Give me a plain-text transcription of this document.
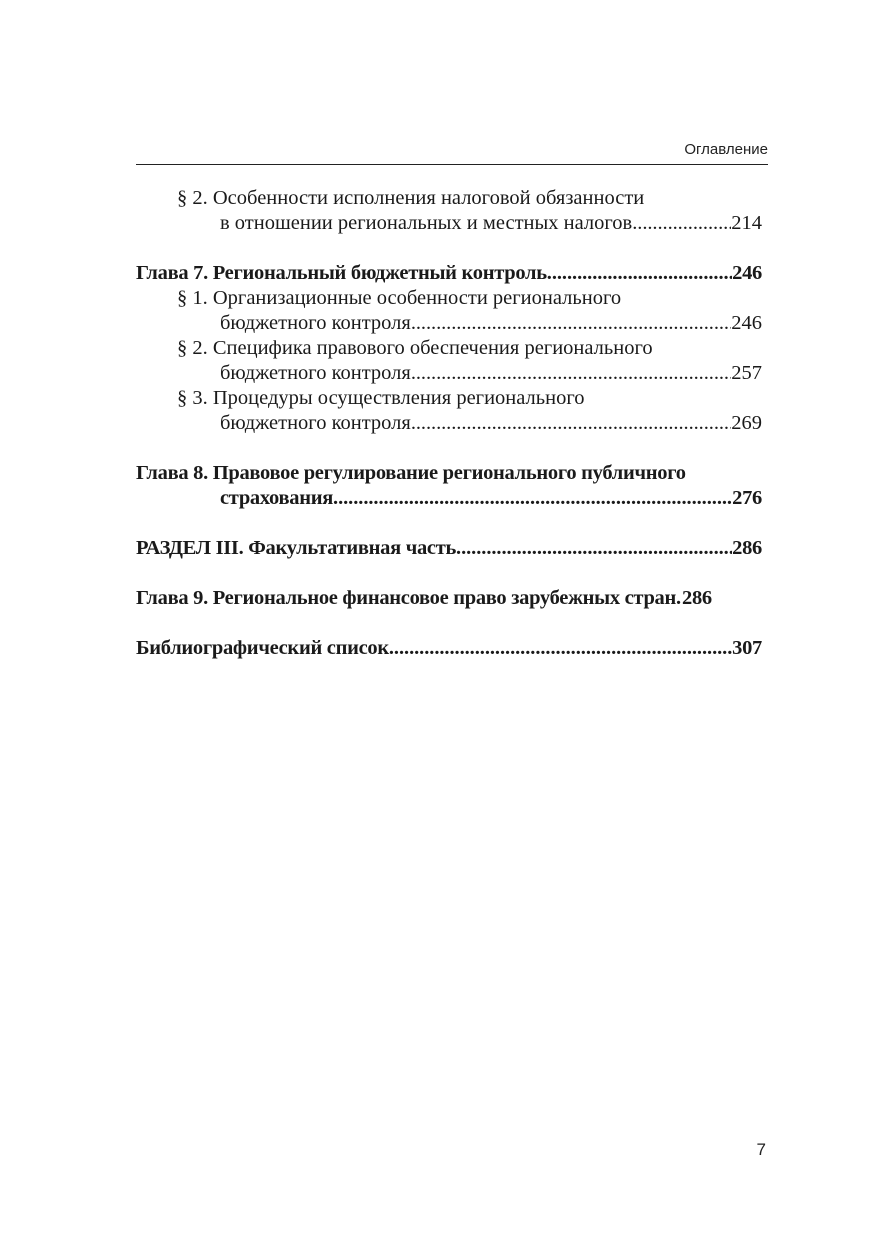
Оглавление
§ 2. Особенности исполнения налоговой обязанности
в отношении региональных и местных налогов . . .	214
Глава 7. Региональный бюджетный контроль . . .	246
§ 1. Организационные особенности регионального
бюджетного контроля . . .	246
§ 2. Специфика правового обеспечения регионального
бюджетного контроля . . .	257
§ 3. Процедуры осуществления регионального
бюджетного контроля . . .	269
Глава 8. Правовое регулирование регионального публичного
страхования . . .	276
РАЗДЕЛ III. Факультативная часть . . .	286
Глава 9. Региональное финансовое право зарубежных стран . . . 286
Библиографический список . . .	307
7
